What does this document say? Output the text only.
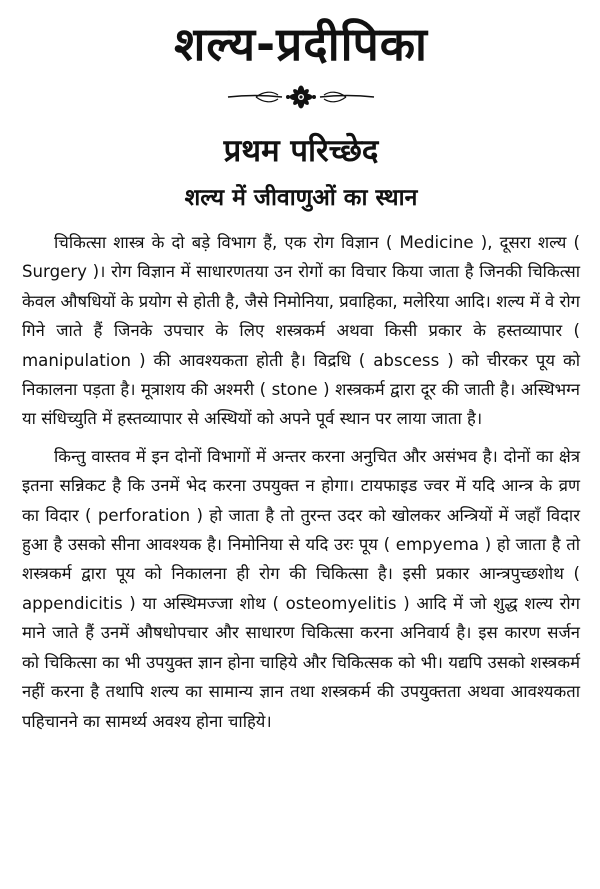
शल्य-प्रदीपिका
प्रथम परिच्छेद
शल्य में जीवाणुओं का स्थान

चिकित्सा शास्त्र के दो बड़े विभाग हैं, एक रोग विज्ञान ( Medicine ), दूसरा शल्य ( Surgery )। रोग विज्ञान में साधारणतया उन रोगों का विचार किया जाता है जिनकी चिकित्सा केवल औषधियों के प्रयोग से होती है, जैसे निमोनिया, प्रवाहिका, मलेरिया आदि। शल्य में वे रोग गिने जाते हैं जिनके उपचार के लिए शस्त्रकर्म अथवा किसी प्रकार के हस्तव्यापार ( manipulation ) की आवश्यकता होती है। विद्रधि ( abscess ) को चीरकर पूय को निकालना पड़ता है। मूत्राशय की अश्मरी ( stone ) शस्त्रकर्म द्वारा दूर की जाती है। अस्थिभग्न या संधिच्युति में हस्तव्यापार से अस्थियों को अपने पूर्व स्थान पर लाया जाता है।

किन्तु वास्तव में इन दोनों विभागों में अन्तर करना अनुचित और असंभव है। दोनों का क्षेत्र इतना सन्निकट है कि उनमें भेद करना उपयुक्त न होगा। टायफाइड ज्वर में यदि आन्त्र के व्रण का विदार ( perforation ) हो जाता है तो तुरन्त उदर को खोलकर अन्त्रियों में जहाँ विदार हुआ है उसको सीना आवश्यक है। निमोनिया से यदि उरः पूय ( empyema ) हो जाता है तो शस्त्रकर्म द्वारा पूय को निकालना ही रोग की चिकित्सा है। इसी प्रकार आन्त्रपुच्छशोथ ( appendicitis ) या अस्थिमज्जा शोथ ( osteomyelitis ) आदि में जो शुद्ध शल्य रोग माने जाते हैं उनमें औषधोपचार और साधारण चिकित्सा करना अनिवार्य है। इस कारण सर्जन को चिकित्सा का भी उपयुक्त ज्ञान होना चाहिये और चिकित्सक को भी। यद्यपि उसको शस्त्रकर्म नहीं करना है तथापि शल्य का सामान्य ज्ञान तथा शस्त्रकर्म की उपयुक्तता अथवा आवश्यकता पहिचानने का सामर्थ्य अवश्य होना चाहिये।
